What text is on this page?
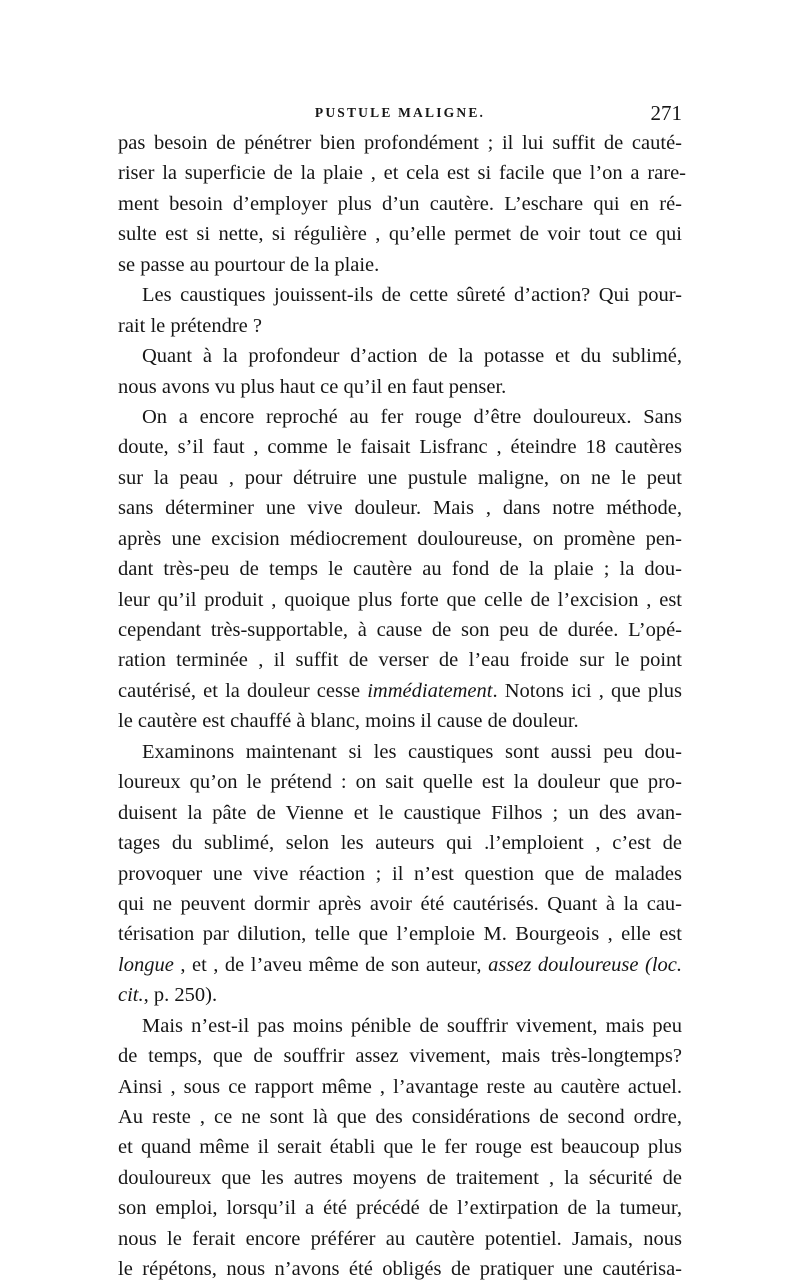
PUSTULE MALIGNE.	271
pas besoin de pénétrer bien profondément ; il lui suffit de cauté-
riser la superficie de la plaie , et cela est si facile que l’on a rare-
ment besoin d’employer plus d’un cautère. L’eschare qui en ré-
sulte est si nette, si régulière , qu’elle permet de voir tout ce qui
se passe au pourtour de la plaie.
Les caustiques jouissent-ils de cette sûreté d’action? Qui pour-
rait le prétendre ?
Quant à la profondeur d’action de la potasse et du sublimé,
nous avons vu plus haut ce qu’il en faut penser.
On a encore reproché au fer rouge d’être douloureux. Sans
doute, s’il faut , comme le faisait Lisfranc , éteindre 18 cautères
sur la peau , pour détruire une pustule maligne, on ne le peut
sans déterminer une vive douleur. Mais , dans notre méthode,
après une excision médiocrement douloureuse, on promène pen-
dant très-peu de temps le cautère au fond de la plaie ; la dou-
leur qu’il produit , quoique plus forte que celle de l’excision , est
cependant très-supportable, à cause de son peu de durée. L’opé-
ration terminée , il suffit de verser de l’eau froide sur le point
cautérisé, et la douleur cesse immédiatement. Notons ici , que plus
le cautère est chauffé à blanc, moins il cause de douleur.
Examinons maintenant si les caustiques sont aussi peu dou-
loureux qu’on le prétend : on sait quelle est la douleur que pro-
duisent la pâte de Vienne et le caustique Filhos ; un des avan-
tages du sublimé, selon les auteurs qui .l’emploient , c’est de
provoquer une vive réaction ; il n’est question que de malades
qui ne peuvent dormir après avoir été cautérisés. Quant à la cau-
térisation par dilution, telle que l’emploie M. Bourgeois , elle est
longue , et , de l’aveu même de son auteur, assez douloureuse (loc.
cit., p. 250).
Mais n’est-il pas moins pénible de souffrir vivement, mais peu
de temps, que de souffrir assez vivement, mais très-longtemps?
Ainsi , sous ce rapport même , l’avantage reste au cautère actuel.
Au reste , ce ne sont là que des considérations de second ordre,
et quand même il serait établi que le fer rouge est beaucoup plus
douloureux que les autres moyens de traitement , la sécurité de
son emploi, lorsqu’il a été précédé de l’extirpation de la tumeur,
nous le ferait encore préférer au cautère potentiel. Jamais, nous
le répétons, nous n’avons été obligés de pratiquer une cautérisa-
